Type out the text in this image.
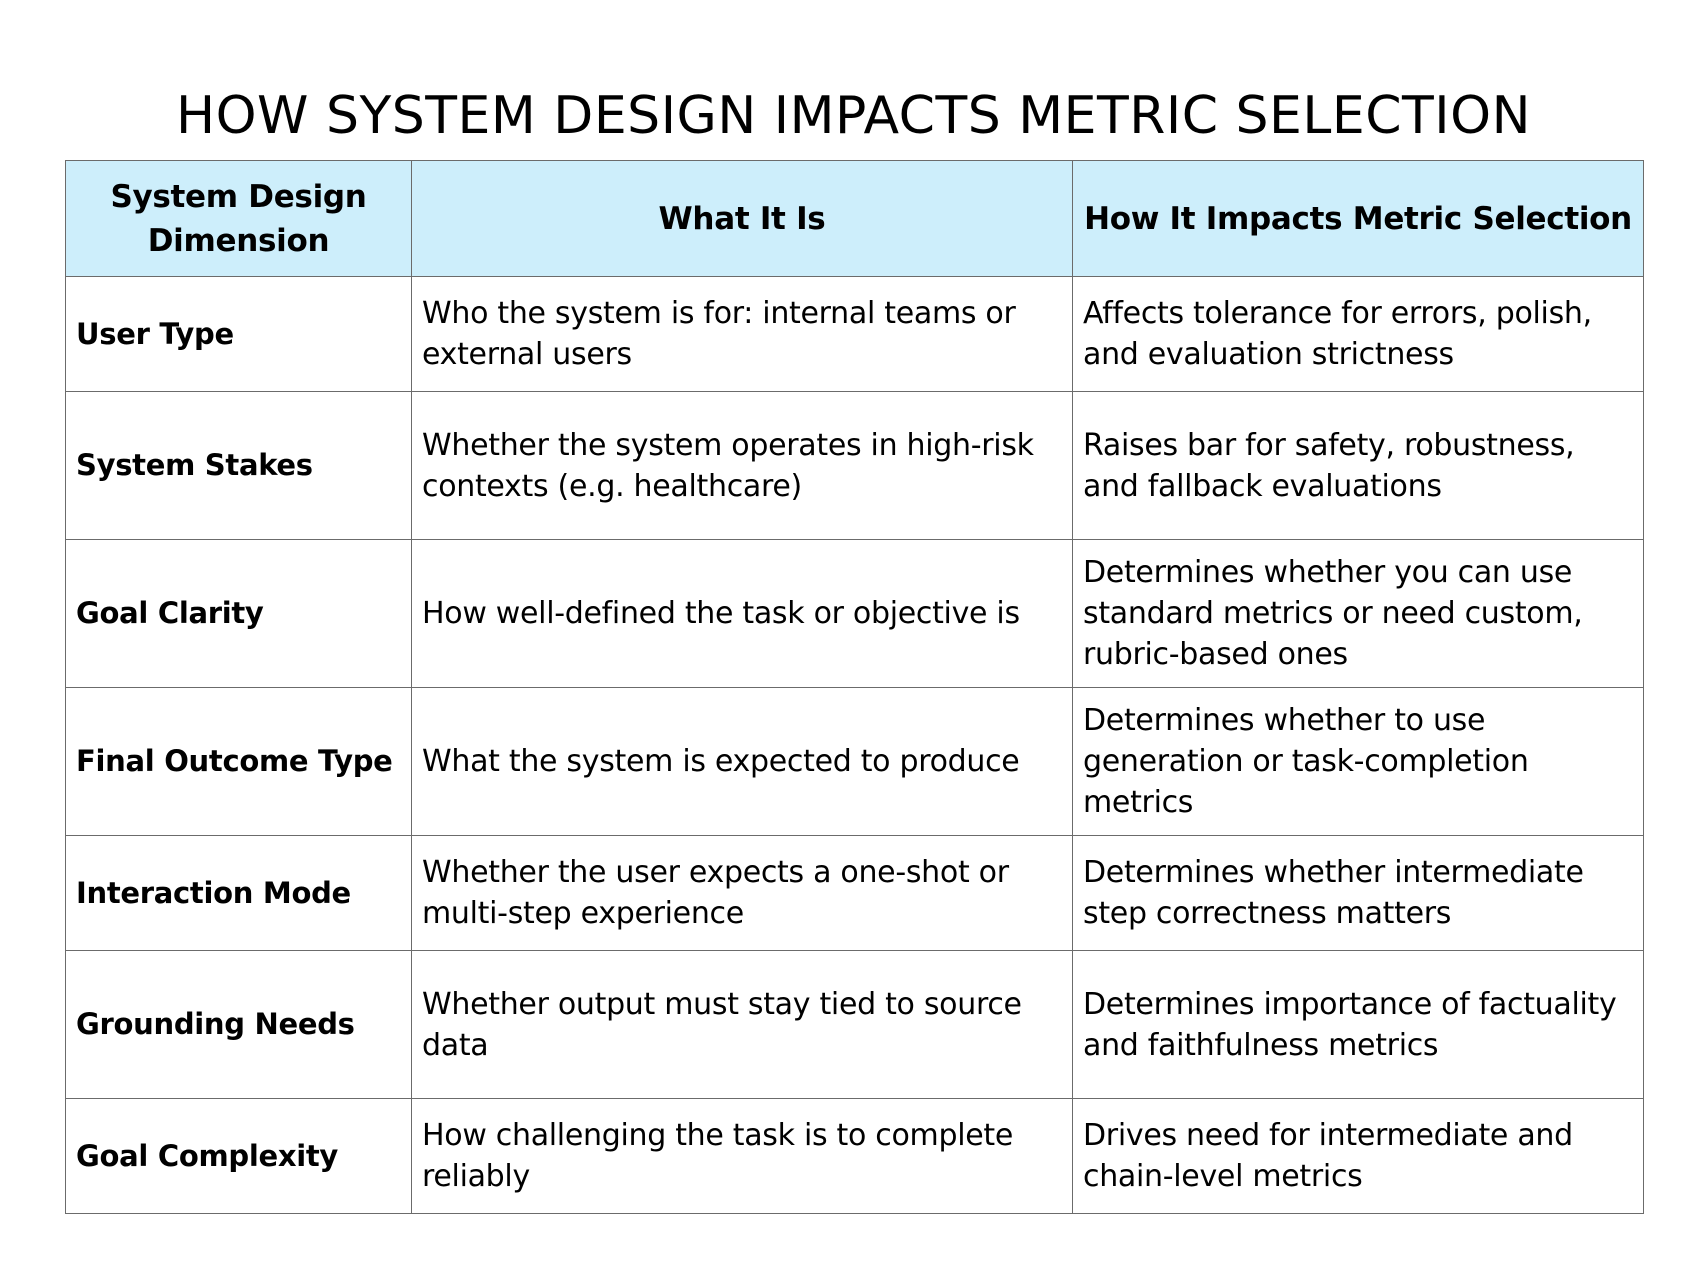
HOW SYSTEM DESIGN IMPACTS METRIC SELECTION
System Design Dimension	What It Is	How It Impacts Metric Selection
User Type	Who the system is for: internal teams or external users	Affects tolerance for errors, polish, and evaluation strictness
System Stakes	Whether the system operates in high-risk contexts (e.g. healthcare)	Raises bar for safety, robustness, and fallback evaluations
Goal Clarity	How well-defined the task or objective is	Determines whether you can use standard metrics or need custom, rubric-based ones
Final Outcome Type	What the system is expected to produce	Determines whether to use generation or task-completion metrics
Interaction Mode	Whether the user expects a one-shot or multi-step experience	Determines whether intermediate step correctness matters
Grounding Needs	Whether output must stay tied to source data	Determines importance of factuality and faithfulness metrics
Goal Complexity	How challenging the task is to complete reliably	Drives need for intermediate and chain-level metrics
